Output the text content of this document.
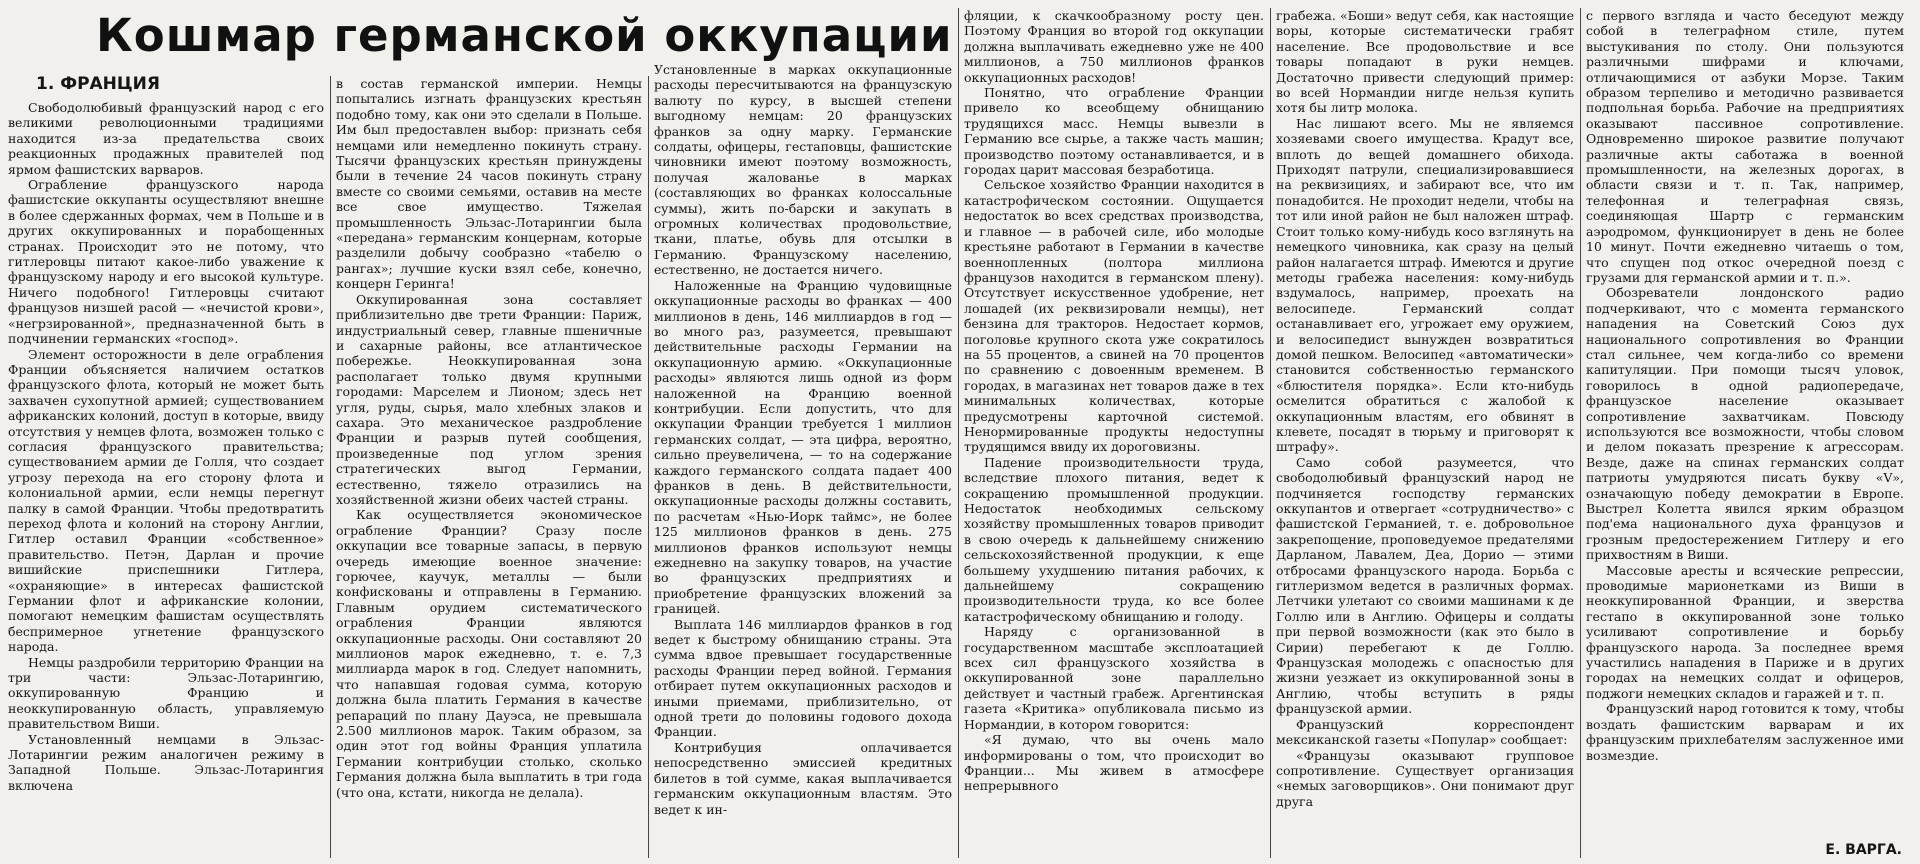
Кошмар германской оккупации
1. ФРАНЦИЯ

Свободолюбивый французский народ с его великими революционными традициями находится из-за предательства своих реакционных продажных правителей под ярмом фашистских варваров.

Ограбление французского народа фашистские оккупанты осуществляют внешне в более сдержанных формах, чем в Польше и в других оккупированных и порабощенных странах. Происходит это не потому, что гитлеровцы питают какое-либо уважение к французскому народу и его высокой культуре. Ничего подобного! Гитлеровцы считают французов низшей расой — «нечистой крови», «негрзированной», предназначенной быть в подчинении германских «господ».

Элемент осторожности в деле ограбления Франции объясняется наличием остатков французского флота, который не может быть захвачен сухопутной армией; существованием африканских колоний, доступ в которые, ввиду отсутствия у немцев флота, возможен только с согласия французского правительства; существованием армии де Голля, что создает угрозу перехода на его сторону флота и колониальной армии, если немцы перегнут палку в самой Франции. Чтобы предотвратить переход флота и колоний на сторону Англии, Гитлер оставил Франции «собственное» правительство. Петэн, Дарлан и прочие вишийские приспешники Гитлера, «охраняющие» в интересах фашистской Германии флот и африканские колонии, помогают немецким фашистам осуществлять беспримерное угнетение французского народа.

Немцы раздробили территорию Франции на три части: Эльзас-Лотарингию, оккупированную Францию и неоккупированную область, управляемую правительством Виши.

Установленный немцами в Эльзас-Лотарингии режим аналогичен режиму в Западной Польше. Эльзас-Лотарингия включена

в состав германской империи. Немцы попытались изгнать французских крестьян подобно тому, как они это сделали в Польше. Им был предоставлен выбор: признать себя немцами или немедленно покинуть страну. Тысячи французских крестьян принуждены были в течение 24 часов покинуть страну вместе со своими семьями, оставив на месте все свое имущество. Тяжелая промышленность Эльзас-Лотарингии была «передана» германским концернам, которые разделили добычу сообразно «табелю о рангах»; лучшие куски взял себе, конечно, концерн Геринга!

Оккупированная зона составляет приблизительно две трети Франции: Париж, индустриальный север, главные пшеничные и сахарные районы, все атлантическое побережье. Неоккупированная зона располагает только двумя крупными городами: Марселем и Лионом; здесь нет угля, руды, сырья, мало хлебных злаков и сахара. Это механическое раздробление Франции и разрыв путей сообщения, произведенные под углом зрения стратегических выгод Германии, естественно, тяжело отразились на хозяйственной жизни обеих частей страны.

Как осуществляется экономическое ограбление Франции? Сразу после оккупации все товарные запасы, в первую очередь имеющие военное значение: горючее, каучук, металлы — были конфискованы и отправлены в Германию. Главным орудием систематического ограбления Франции являются оккупационные расходы. Они составляют 20 миллионов марок ежедневно, т. е. 7,3 миллиарда марок в год. Следует напомнить, что напавшая годовая сумма, которую должна была платить Германия в качестве репараций по плану Дауэса, не превышала 2.500 миллионов марок. Таким образом, за один этот год войны Франция уплатила Германии контрибуции столько, сколько Германия должна была выплатить в три года (что она, кстати, никогда не делала).

Установленные в марках оккупационные расходы пересчитываются на французскую валюту по курсу, в высшей степени выгодному немцам: 20 французских франков за одну марку. Германские солдаты, офицеры, гестаповцы, фашистские чиновники имеют поэтому возможность, получая жалованье в марках (составляющих во франках колоссальные суммы), жить по-барски и закупать в огромных количествах продовольствие, ткани, платье, обувь для отсылки в Германию. Французскому населению, естественно, не достается ничего.

Наложенные на Францию чудовищные оккупационные расходы во франках — 400 миллионов в день, 146 миллиардов в год — во много раз, разумеется, превышают действительные расходы Германии на оккупационную армию. «Оккупационные расходы» являются лишь одной из форм наложенной на Францию военной контрибуции. Если допустить, что для оккупации Франции требуется 1 миллион германских солдат, — эта цифра, вероятно, сильно преувеличена, — то на содержание каждого германского солдата падает 400 франков в день. В действительности, оккупационные расходы должны составить, по расчетам «Нью-Иорк таймс», не более 125 миллионов франков в день. 275 миллионов франков используют немцы ежедневно на закупку товаров, на участие во французских предприятиях и приобретение французских вложений за границей.

Выплата 146 миллиардов франков в год ведет к быстрому обнищанию страны. Эта сумма вдвое превышает государственные расходы Франции перед войной. Германия отбирает путем оккупационных расходов и иными приемами, приблизительно, от одной трети до половины годового дохода Франции.

Контрибуция оплачивается непосредственно эмиссией кредитных билетов в той сумме, какая выплачивается германским оккупационным властям. Это ведет к ин-

фляции, к скачкообразному росту цен. Поэтому Франция во второй год оккупации должна выплачивать ежедневно уже не 400 миллионов, а 750 миллионов франков оккупационных расходов!

Понятно, что ограбление Франции привело ко всеобщему обнищанию трудящихся масс. Немцы вывезли в Германию все сырье, а также часть машин; производство поэтому останавливается, и в городах царит массовая безработица.

Сельское хозяйство Франции находится в катастрофическом состоянии. Ощущается недостаток во всех средствах производства, и главное — в рабочей силе, ибо молодые крестьяне работают в Германии в качестве военнопленных (полтора миллиона французов находится в германском плену). Отсутствует искусственное удобрение, нет лошадей (их реквизировали немцы), нет бензина для тракторов. Недостает кормов, поголовье крупного скота уже сократилось на 55 процентов, а свиней на 70 процентов по сравнению с довоенным временем. В городах, в магазинах нет товаров даже в тех минимальных количествах, которые предусмотрены карточной системой. Ненормированные продукты недоступны трудящимся ввиду их дороговизны.

Падение производительности труда, вследствие плохого питания, ведет к сокращению промышленной продукции. Недостаток необходимых сельскому хозяйству промышленных товаров приводит в свою очередь к дальнейшему снижению сельскохозяйственной продукции, к еще большему ухудшению питания рабочих, к дальнейшему сокращению производительности труда, ко все более катастрофическому обнищанию и голоду.

Наряду с организованной в государственном масштабе эксплоатацией всех сил французского хозяйства в оккупированной зоне параллельно действует и частный грабеж. Аргентинская газета «Критика» опубликовала письмо из Нормандии, в котором говорится:

«Я думаю, что вы очень мало информированы о том, что происходит во Франции... Мы живем в атмосфере непрерывного

грабежа. «Боши» ведут себя, как настоящие воры, которые систематически грабят население. Все продовольствие и все товары попадают в руки немцев. Достаточно привести следующий пример: во всей Нормандии нигде нельзя купить хотя бы литр молока.

Нас лишают всего. Мы не являемся хозяевами своего имущества. Крадут все, вплоть до вещей домашнего обихода. Приходят патрули, специализировавшиеся на реквизициях, и забирают все, что им понадобится. Не проходит недели, чтобы на тот или иной район не был наложен штраф. Стоит только кому-нибудь косо взглянуть на немецкого чиновника, как сразу на целый район налагается штраф. Имеются и другие методы грабежа населения: кому-нибудь вздумалось, например, проехать на велосипеде. Германский солдат останавливает его, угрожает ему оружием, и велосипедист вынужден возвратиться домой пешком. Велосипед «автоматически» становится собственностью германского «блюстителя порядка». Если кто-нибудь осмелится обратиться с жалобой к оккупационным властям, его обвинят в клевете, посадят в тюрьму и приговорят к штрафу».

Само собой разумеется, что свободолюбивый французский народ не подчиняется господству германских оккупантов и отвергает «сотрудничество» с фашистской Германией, т. е. добровольное закрепощение, проповедуемое предателями Дарланом, Лавалем, Деа, Дорио — этими отбросами французского народа. Борьба с гитлеризмом ведется в различных формах. Летчики улетают со своими машинами к де Голлю или в Англию. Офицеры и солдаты при первой возможности (как это было в Сирии) перебегают к де Голлю. Французская молодежь с опасностью для жизни уезжает из оккупированной зоны в Англию, чтобы вступить в ряды французской армии.

Французский корреспондент мексиканской газеты «Популар» сообщает:

«Французы оказывают групповое сопротивление. Существует организация «немых заговорщиков». Они понимают друг друга

с первого взгляда и часто беседуют между собой в телеграфном стиле, путем выстукивания по столу. Они пользуются различными шифрами и ключами, отличающимися от азбуки Морзе. Таким образом терпеливо и методично развивается подпольная борьба. Рабочие на предприятиях оказывают пассивное сопротивление. Одновременно широкое развитие получают различные акты саботажа в военной промышленности, на железных дорогах, в области связи и т. п. Так, например, телефонная и телеграфная связь, соединяющая Шартр с германским аэродромом, функционирует в день не более 10 минут. Почти ежедневно читаешь о том, что спущен под откос очередной поезд с грузами для германской армии и т. п.».

Обозреватели лондонского радио подчеркивают, что с момента германского нападения на Советский Союз дух национального сопротивления во Франции стал сильнее, чем когда-либо со времени капитуляции. При помощи тысяч уловок, говорилось в одной радиопередаче, французское население оказывает сопротивление захватчикам. Повсюду используются все возможности, чтобы словом и делом показать презрение к агрессорам. Везде, даже на спинах германских солдат патриоты умудряются писать букву «V», означающую победу демократии в Европе. Выстрел Колетта явился ярким образцом под'ема национального духа французов и грозным предостережением Гитлеру и его прихвостням в Виши.

Массовые аресты и всяческие репрессии, проводимые марионетками из Виши в неоккупированной Франции, и зверства гестапо в оккупированной зоне только усиливают сопротивление и борьбу французского народа. За последнее время участились нападения в Париже и в других городах на немецких солдат и офицеров, поджоги немецких складов и гаражей и т. п.

Французский народ готовится к тому, чтобы воздать фашистским варварам и их французским прихлебателям заслуженное ими возмездие.

Е. ВАРГА.
